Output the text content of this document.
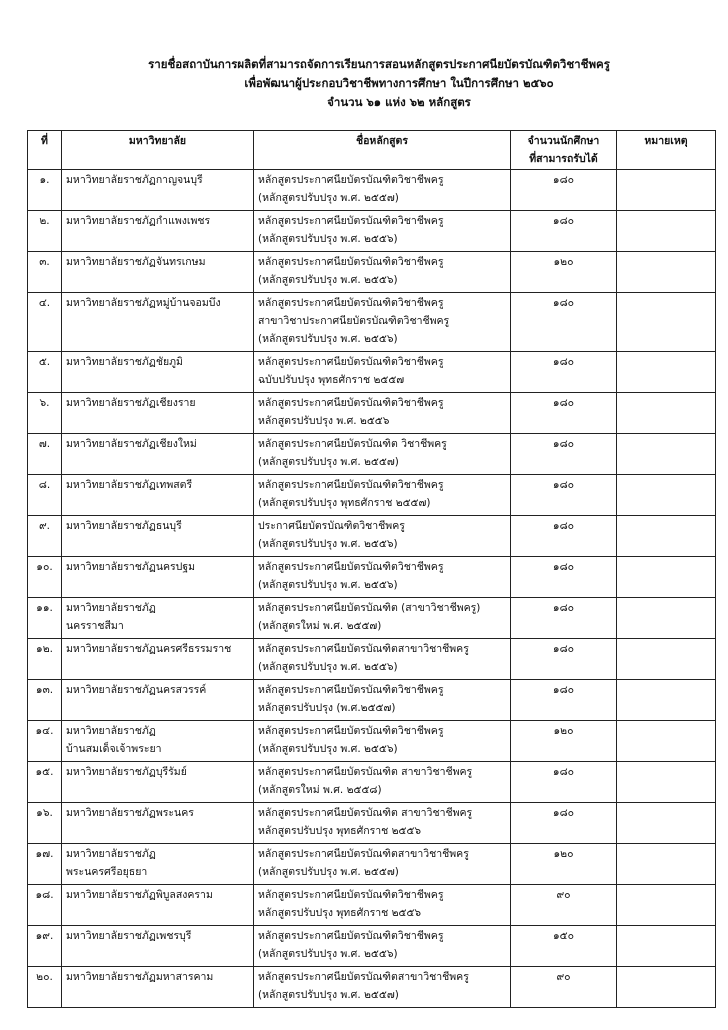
รายชื่อสถาบันการผลิตที่สามารถจัดการเรียนการสอนหลักสูตรประกาศนียบัตรบัณฑิตวิชาชีพครู
เพื่อพัฒนาผู้ประกอบวิชาชีพทางการศึกษา ในปีการศึกษา ๒๕๖๐
จำนวน ๖๑ แห่ง ๖๒ หลักสูตร
ที่	มหาวิทยาลัย	ชื่อหลักสูตร	จำนวนนักศึกษา
ที่สามารถรับได้	หมายเหตุ
๑.	มหาวิทยาลัยราชภัฏกาญจนบุรี	หลักสูตรประกาศนียบัตรบัณฑิตวิชาชีพครู
(หลักสูตรปรับปรุง พ.ศ. ๒๕๕๗)	๑๘๐	
๒.	มหาวิทยาลัยราชภัฏกำแพงเพชร	หลักสูตรประกาศนียบัตรบัณฑิตวิชาชีพครู
(หลักสูตรปรับปรุง พ.ศ. ๒๕๕๖)	๑๘๐	
๓.	มหาวิทยาลัยราชภัฏจันทรเกษม	หลักสูตรประกาศนียบัตรบัณฑิตวิชาชีพครู
(หลักสูตรปรับปรุง พ.ศ. ๒๕๕๖)	๑๒๐	
๔.	มหาวิทยาลัยราชภัฏหมู่บ้านจอมบึง	หลักสูตรประกาศนียบัตรบัณฑิตวิชาชีพครู
สาขาวิชาประกาศนียบัตรบัณฑิตวิชาชีพครู
(หลักสูตรปรับปรุง พ.ศ. ๒๕๕๖)	๑๘๐	
๕.	มหาวิทยาลัยราชภัฏชัยภูมิ	หลักสูตรประกาศนียบัตรบัณฑิตวิชาชีพครู
ฉบับปรับปรุง พุทธศักราช ๒๕๕๗	๑๘๐	
๖.	มหาวิทยาลัยราชภัฏเชียงราย	หลักสูตรประกาศนียบัตรบัณฑิตวิชาชีพครู
หลักสูตรปรับปรุง พ.ศ. ๒๕๕๖	๑๘๐	
๗.	มหาวิทยาลัยราชภัฏเชียงใหม่	หลักสูตรประกาศนียบัตรบัณฑิต วิชาชีพครู
(หลักสูตรปรับปรุง พ.ศ. ๒๕๕๗)	๑๘๐	
๘.	มหาวิทยาลัยราชภัฏเทพสตรี	หลักสูตรประกาศนียบัตรบัณฑิตวิชาชีพครู
(หลักสูตรปรับปรุง พุทธศักราช ๒๕๕๗)	๑๘๐	
๙.	มหาวิทยาลัยราชภัฏธนบุรี	ประกาศนียบัตรบัณฑิตวิชาชีพครู
(หลักสูตรปรับปรุง พ.ศ. ๒๕๕๖)	๑๘๐	
๑๐.	มหาวิทยาลัยราชภัฏนครปฐม	หลักสูตรประกาศนียบัตรบัณฑิตวิชาชีพครู
(หลักสูตรปรับปรุง พ.ศ. ๒๕๕๖)	๑๘๐	
๑๑.	มหาวิทยาลัยราชภัฏ
นครราชสีมา	หลักสูตรประกาศนียบัตรบัณฑิต (สาขาวิชาชีพครู)
(หลักสูตรใหม่ พ.ศ. ๒๕๕๗)	๑๘๐	
๑๒.	มหาวิทยาลัยราชภัฏนครศรีธรรมราช	หลักสูตรประกาศนียบัตรบัณฑิตสาขาวิชาชีพครู
(หลักสูตรปรับปรุง พ.ศ. ๒๕๕๖)	๑๘๐	
๑๓.	มหาวิทยาลัยราชภัฏนครสวรรค์	หลักสูตรประกาศนียบัตรบัณฑิตวิชาชีพครู
หลักสูตรปรับปรุง (พ.ศ.๒๕๕๗)	๑๘๐	
๑๔.	มหาวิทยาลัยราชภัฏ
บ้านสมเด็จเจ้าพระยา	หลักสูตรประกาศนียบัตรบัณฑิตวิชาชีพครู
(หลักสูตรปรับปรุง พ.ศ. ๒๕๕๖)	๑๒๐	
๑๕.	มหาวิทยาลัยราชภัฏบุรีรัมย์	หลักสูตรประกาศนียบัตรบัณฑิต สาขาวิชาชีพครู
(หลักสูตรใหม่ พ.ศ. ๒๕๕๘)	๑๘๐	
๑๖.	มหาวิทยาลัยราชภัฏพระนคร	หลักสูตรประกาศนียบัตรบัณฑิต สาขาวิชาชีพครู
หลักสูตรปรับปรุง พุทธศักราช ๒๕๕๖	๑๘๐	
๑๗.	มหาวิทยาลัยราชภัฏ
พระนครศรีอยุธยา	หลักสูตรประกาศนียบัตรบัณฑิตสาขาวิชาชีพครู
(หลักสูตรปรับปรุง พ.ศ. ๒๕๕๗)	๑๒๐	
๑๘.	มหาวิทยาลัยราชภัฏพิบูลสงคราม	หลักสูตรประกาศนียบัตรบัณฑิตวิชาชีพครู
หลักสูตรปรับปรุง พุทธศักราช ๒๕๕๖	๙๐	
๑๙.	มหาวิทยาลัยราชภัฏเพชรบุรี	หลักสูตรประกาศนียบัตรบัณฑิตวิชาชีพครู
(หลักสูตรปรับปรุง พ.ศ. ๒๕๕๖)	๑๕๐	
๒๐.	มหาวิทยาลัยราชภัฏมหาสารคาม	หลักสูตรประกาศนียบัตรบัณฑิตสาขาวิชาชีพครู
(หลักสูตรปรับปรุง พ.ศ. ๒๕๕๗)	๙๐	
